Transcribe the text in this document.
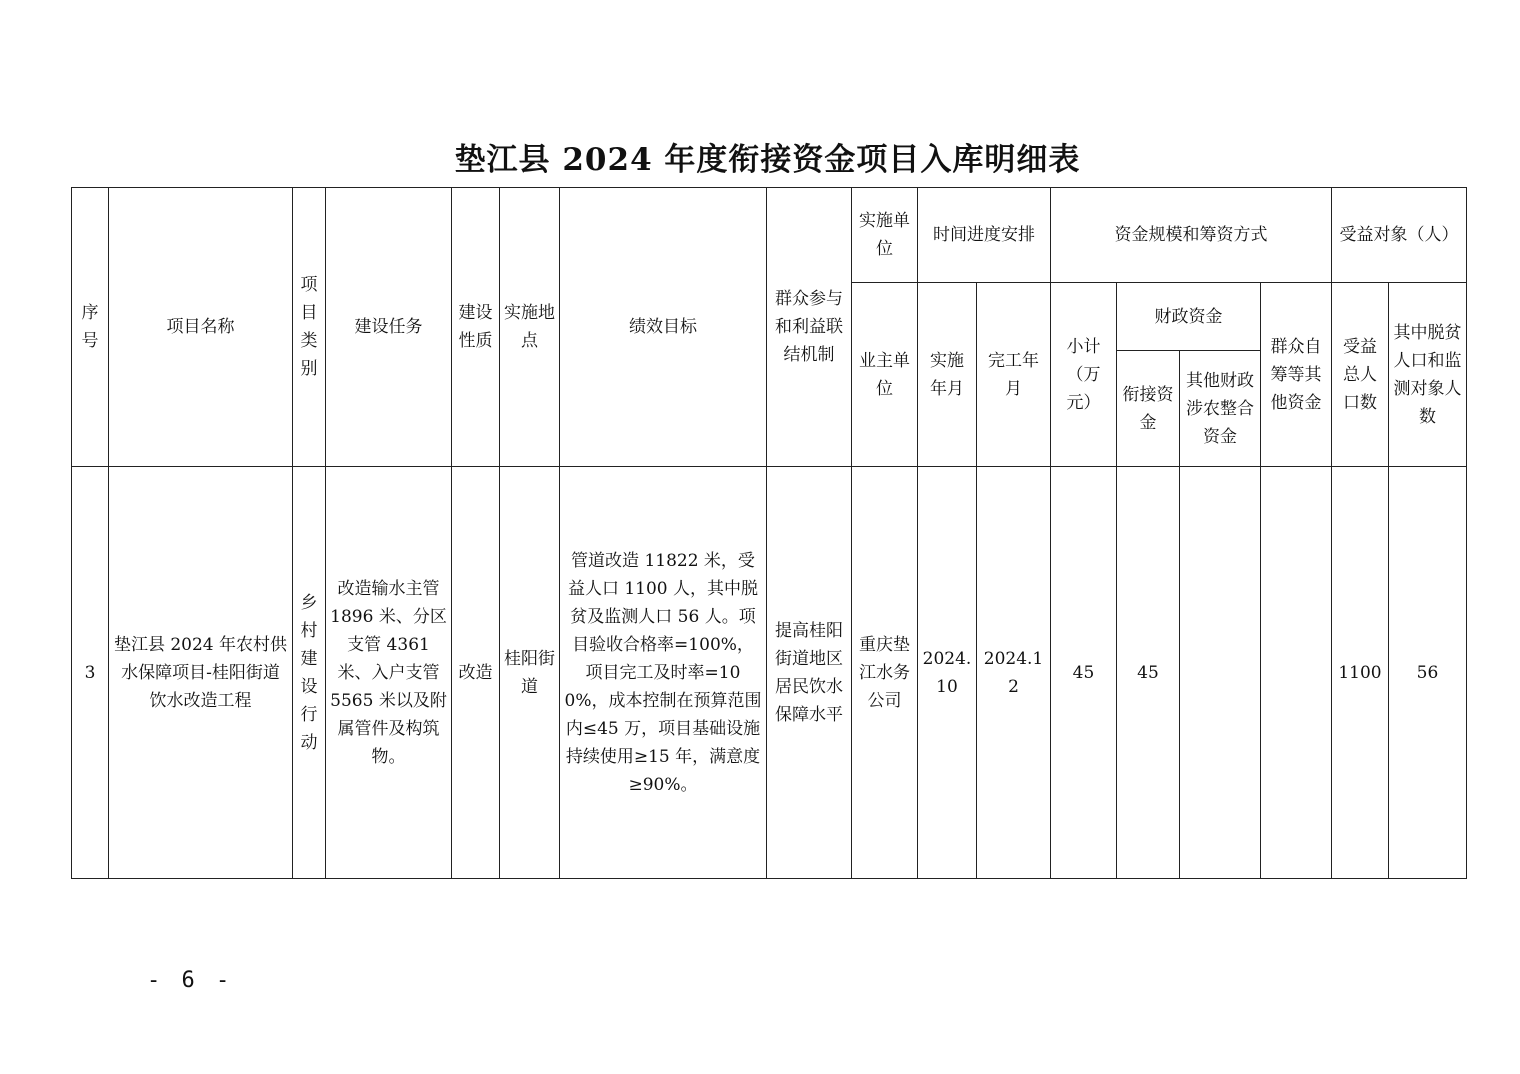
垫江县 2024 年度衔接资金项目入库明细表
序号	项目名称	项目类别	建设任务	建设性质	实施地点	绩效目标	群众参与和利益联结机制	实施单位	时间进度安排		资金规模和筹资方式				受益对象（人）	
								业主单位	实施年月	完工年月	小计（万元）	财政资金		群众自筹等其他资金	受益总人口数	其中脱贫人口和监测对象人数
												衔接资金	其他财政涉农整合资金			
3	垫江县 2024 年农村供水保障项目-桂阳街道饮水改造工程	乡村建设行动	改造输水主管 1896 米、分区支管 4361 米、入户支管 5565 米以及附属管件及构筑物。	改造	桂阳街道	管道改造 11822 米，受益人口 1100 人，其中脱贫及监测人口 56 人。项目验收合格率=100%，项目完工及时率=100%，成本控制在预算范围内≤45 万，项目基础设施持续使用≥15 年，满意度≥90%。	提高桂阳街道地区居民饮水保障水平	重庆垫江水务公司	2024.10	2024.12	45	45			1100	56
- 6 -
